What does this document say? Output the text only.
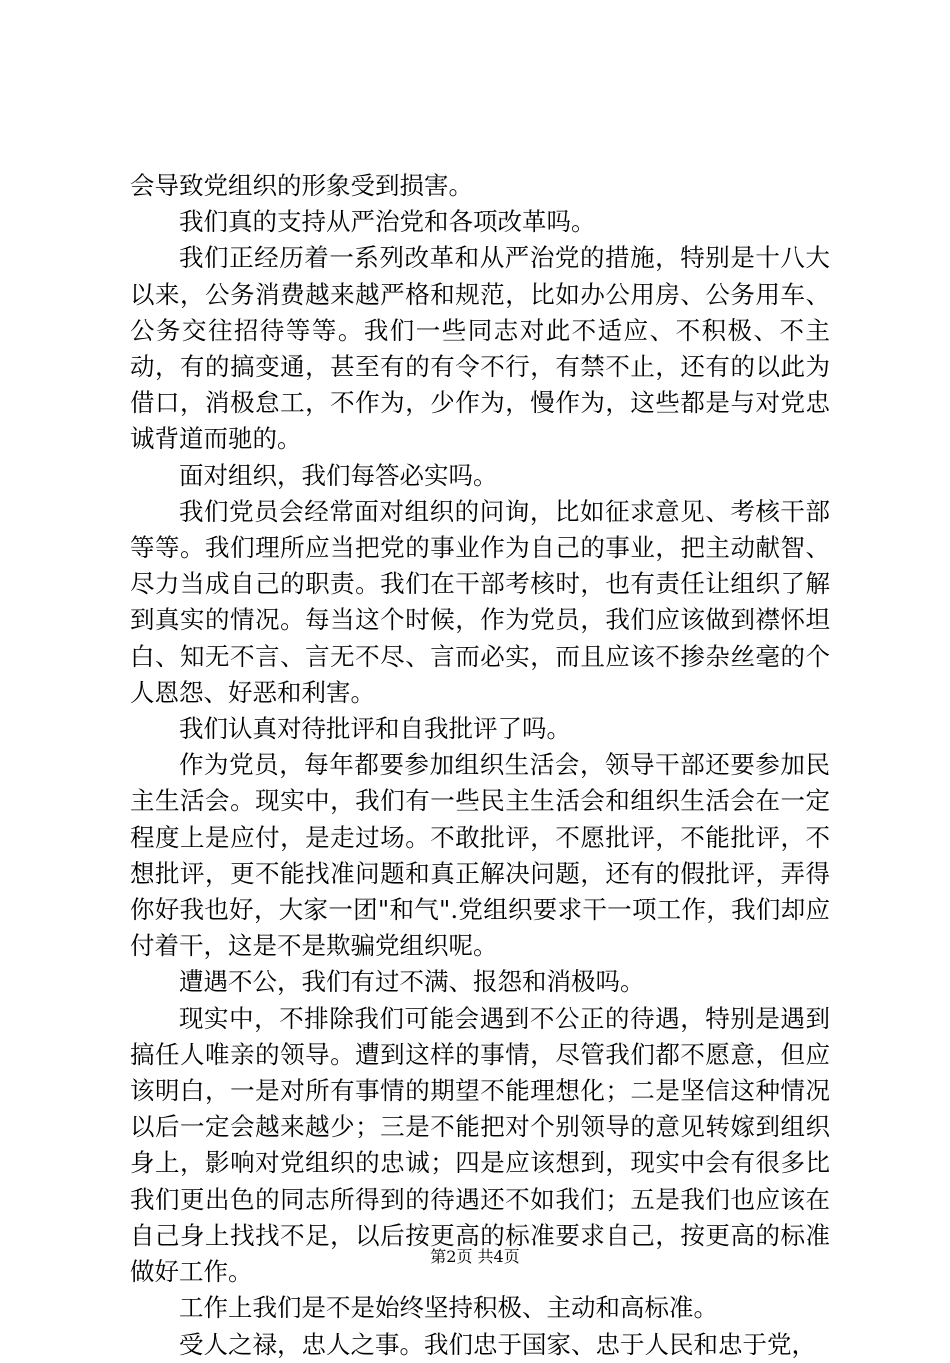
会导致党组织的形象受到损害。

我们真的支持从严治党和各项改革吗。

我们正经历着一系列改革和从严治党的措施，特别是十八大以来，公务消费越来越严格和规范，比如办公用房、公务用车、公务交往招待等等。我们一些同志对此不适应、不积极、不主动，有的搞变通，甚至有的有令不行，有禁不止，还有的以此为借口，消极怠工，不作为，少作为，慢作为，这些都是与对党忠诚背道而驰的。

面对组织，我们每答必实吗。

我们党员会经常面对组织的问询，比如征求意见、考核干部等等。我们理所应当把党的事业作为自己的事业，把主动献智、尽力当成自己的职责。我们在干部考核时，也有责任让组织了解到真实的情况。每当这个时候，作为党员，我们应该做到襟怀坦白、知无不言、言无不尽、言而必实，而且应该不掺杂丝毫的个人恩怨、好恶和利害。

我们认真对待批评和自我批评了吗。

作为党员，每年都要参加组织生活会，领导干部还要参加民主生活会。现实中，我们有一些民主生活会和组织生活会在一定程度上是应付，是走过场。不敢批评，不愿批评，不能批评，不想批评，更不能找准问题和真正解决问题，还有的假批评，弄得你好我也好，大家一团"和气".党组织要求干一项工作，我们却应付着干，这是不是欺骗党组织呢。

遭遇不公，我们有过不满、报怨和消极吗。

现实中，不排除我们可能会遇到不公正的待遇，特别是遇到搞任人唯亲的领导。遭到这样的事情，尽管我们都不愿意，但应该明白，一是对所有事情的期望不能理想化；二是坚信这种情况以后一定会越来越少；三是不能把对个别领导的意见转嫁到组织身上，影响对党组织的忠诚；四是应该想到，现实中会有很多比我们更出色的同志所得到的待遇还不如我们；五是我们也应该在自己身上找找不足，以后按更高的标准要求自己，按更高的标准做好工作。

工作上我们是不是始终坚持积极、主动和高标准。

受人之禄，忠人之事。我们忠于国家、忠于人民和忠于党，

第2页 共4页
